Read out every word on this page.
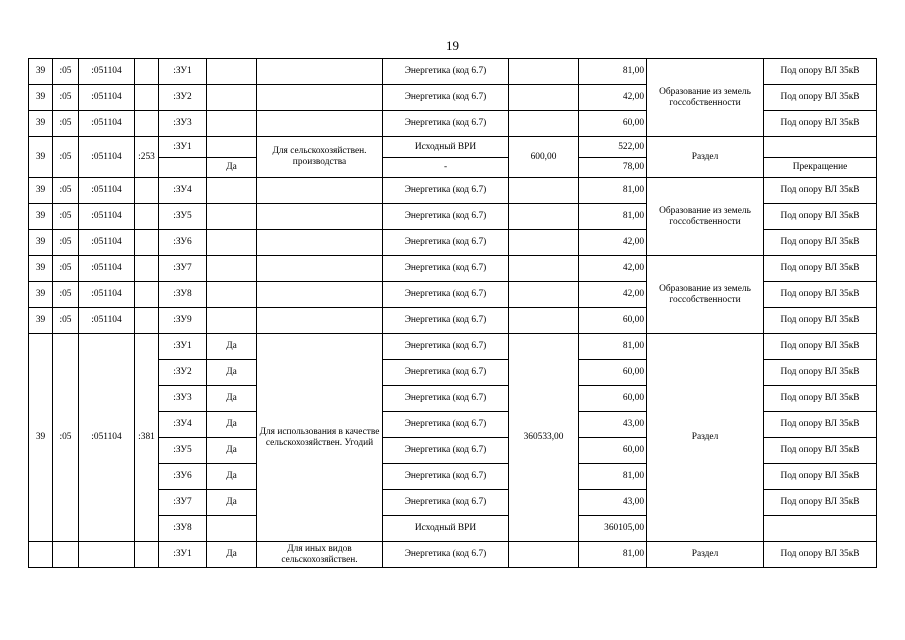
19
39	:05	:051104		:ЗУ1			Энергетика (код 6.7)		81,00	Образование из земель госсобственности	Под опору ВЛ 35кВ
39	:05	:051104		:ЗУ2			Энергетика (код 6.7)		42,00		Под опору ВЛ 35кВ
39	:05	:051104		:ЗУ3			Энергетика (код 6.7)		60,00		Под опору ВЛ 35кВ
39	:05	:051104	:253	:ЗУ1		Для сельскохозяйствен. производства	Исходный ВРИ	600,00	522,00	Раздел	
					Да		-		78,00		Прекращение
39	:05	:051104		:ЗУ4			Энергетика (код 6.7)		81,00	Образование из земель госсобственности	Под опору ВЛ 35кВ
39	:05	:051104		:ЗУ5			Энергетика (код 6.7)		81,00		Под опору ВЛ 35кВ
39	:05	:051104		:ЗУ6			Энергетика (код 6.7)		42,00		Под опору ВЛ 35кВ
39	:05	:051104		:ЗУ7			Энергетика (код 6.7)		42,00	Образование из земель госсобственности	Под опору ВЛ 35кВ
39	:05	:051104		:ЗУ8			Энергетика (код 6.7)		42,00		Под опору ВЛ 35кВ
39	:05	:051104		:ЗУ9			Энергетика (код 6.7)		60,00		Под опору ВЛ 35кВ
39	:05	:051104	:381	:ЗУ1	Да	Для использования в качестве сельскохозяйствен. Угодий	Энергетика (код 6.7)	360533,00	81,00	Раздел	Под опору ВЛ 35кВ
				:ЗУ2	Да		Энергетика (код 6.7)		60,00		Под опору ВЛ 35кВ
				:ЗУ3	Да		Энергетика (код 6.7)		60,00		Под опору ВЛ 35кВ
				:ЗУ4	Да		Энергетика (код 6.7)		43,00		Под опору ВЛ 35кВ
				:ЗУ5	Да		Энергетика (код 6.7)		60,00		Под опору ВЛ 35кВ
				:ЗУ6	Да		Энергетика (код 6.7)		81,00		Под опору ВЛ 35кВ
				:ЗУ7	Да		Энергетика (код 6.7)		43,00		Под опору ВЛ 35кВ
				:ЗУ8			Исходный ВРИ		360105,00		
				:ЗУ1	Да	Для иных видов сельскохозяйствен.	Энергетика (код 6.7)		81,00	Раздел	Под опору ВЛ 35кВ
